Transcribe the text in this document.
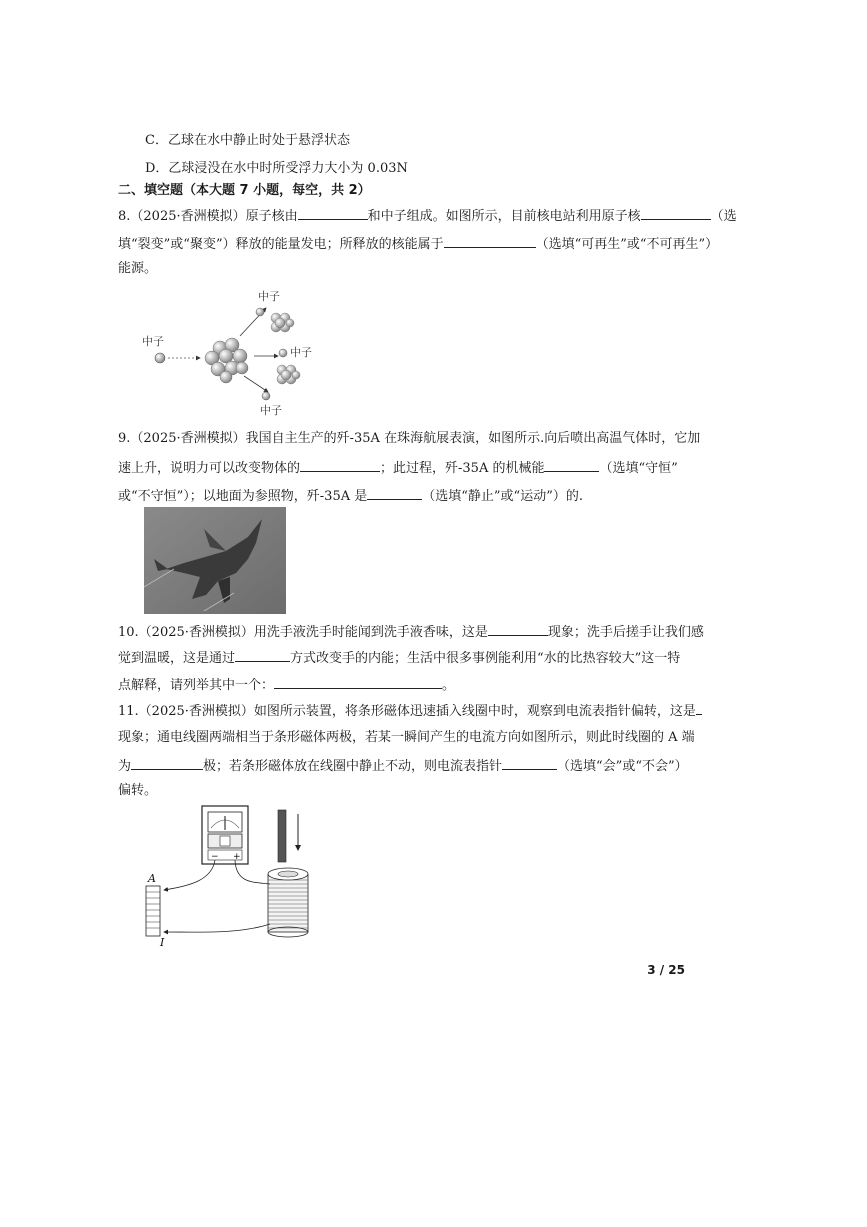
C．乙球在水中静止时处于悬浮状态
D．乙球浸没在水中时所受浮力大小为 0.03N
二、填空题（本大题 7 小题，每空，共 2）
8.（2025·香洲模拟）原子核由	和中子组成。如图所示，目前核电站利用原子核	（选
填“裂变”或“聚变”）释放的能量发电；所释放的核能属于	（选填“可再生”或“不可再生”）
能源。
中子
中子
中子
中子
9.（2025·香洲模拟）我国自主生产的歼-35A 在珠海航展表演，如图所示.向后喷出高温气体时，它加
速上升，说明力可以改变物体的	；此过程，歼-35A 的机械能	（选填“守恒”
或“不守恒”）；以地面为参照物，歼-35A 是	（选填“静止”或“运动”）的.
10.（2025·香洲模拟）用洗手液洗手时能闻到洗手液香味，这是	现象；洗手后搓手让我们感
觉到温暖，这是通过	方式改变手的内能；生活中很多事例能利用“水的比热容较大”这一特
点解释，请列举其中一个：	。
11.（2025·香洲模拟）如图所示装置，将条形磁体迅速插入线圈中时，观察到电流表指针偏转，这是
现象；通电线圈两端相当于条形磁体两极，若某一瞬间产生的电流方向如图所示，则此时线圈的 A 端
为	极；若条形磁体放在线圈中静止不动，则电流表指针	（选填“会”或“不会”）
偏转。
− +
A
I
3 / 25
